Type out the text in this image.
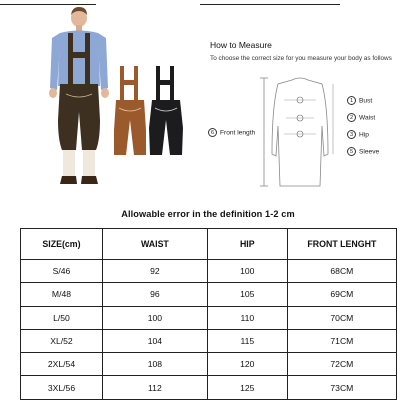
How to Measure
To choose the correct size for you measure your body as follows
6 Front length
1 Bust
2 Waist
3 Hip
5 Sleeve
Allowable error in the definition 1-2 cm
SIZE(cm)	WAIST	HIP	FRONT LENGHT
S/46	92	100	68CM
M/48	96	105	69CM
L/50	100	110	70CM
XL/52	104	115	71CM
2XL/54	108	120	72CM
3XL/56	112	125	73CM
